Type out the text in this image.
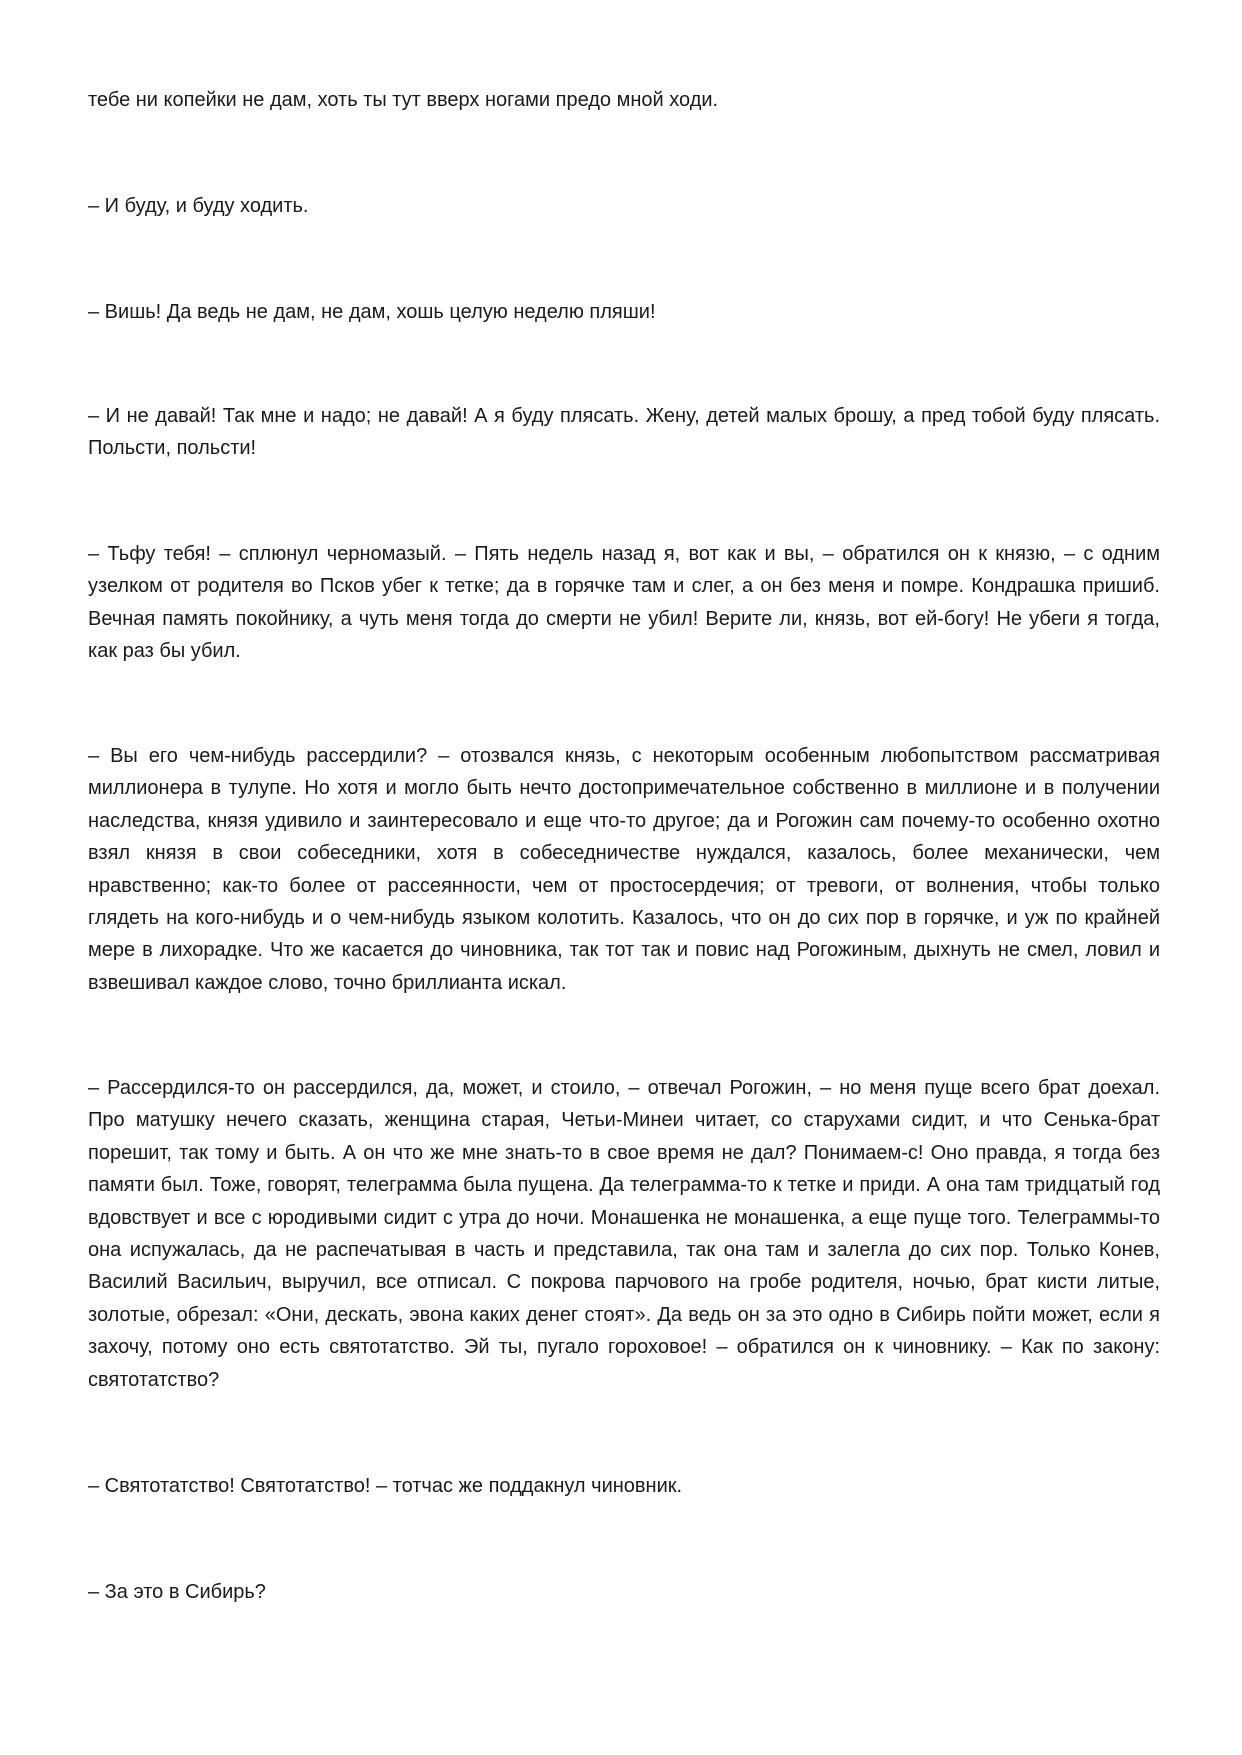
тебе ни копейки не дам, хоть ты тут вверх ногами предо мной ходи.

– И буду, и буду ходить.

– Вишь! Да ведь не дам, не дам, хошь целую неделю пляши!

– И не давай! Так мне и надо; не давай! А я буду плясать. Жену, детей малых брошу, а пред тобой буду плясать. Польсти, польсти!

– Тьфу тебя! – сплюнул черномазый. – Пять недель назад я, вот как и вы, – обратился он к князю, – с одним узелком от родителя во Псков убег к тетке; да в горячке там и слег, а он без меня и помре. Кондрашка пришиб. Вечная память покойнику, а чуть меня тогда до смерти не убил! Верите ли, князь, вот ей-богу! Не убеги я тогда, как раз бы убил.

– Вы его чем-нибудь рассердили? – отозвался князь, с некоторым особенным любопытством рассматривая миллионера в тулупе. Но хотя и могло быть нечто достопримечательное собственно в миллионе и в получении наследства, князя удивило и заинтересовало и еще что-то другое; да и Рогожин сам почему-то особенно охотно взял князя в свои собеседники, хотя в собеседничестве нуждался, казалось, более механически, чем нравственно; как-то более от рассеянности, чем от простосердечия; от тревоги, от волнения, чтобы только глядеть на кого-нибудь и о чем-нибудь языком колотить. Казалось, что он до сих пор в горячке, и уж по крайней мере в лихорадке. Что же касается до чиновника, так тот так и повис над Рогожиным, дыхнуть не смел, ловил и взвешивал каждое слово, точно бриллианта искал.

– Рассердился-то он рассердился, да, может, и стоило, – отвечал Рогожин, – но меня пуще всего брат доехал. Про матушку нечего сказать, женщина старая, Четьи-Минеи читает, со старухами сидит, и что Сенька-брат порешит, так тому и быть. А он что же мне знать-то в свое время не дал? Понимаем-с! Оно правда, я тогда без памяти был. Тоже, говорят, телеграмма была пущена. Да телеграмма-то к тетке и приди. А она там тридцатый год вдовствует и все с юродивыми сидит с утра до ночи. Монашенка не монашенка, а еще пуще того. Телеграммы-то она испужалась, да не распечатывая в часть и представила, так она там и залегла до сих пор. Только Конев, Василий Васильич, выручил, все отписал. С покрова парчового на гробе родителя, ночью, брат кисти литые, золотые, обрезал: «Они, дескать, эвона каких денег стоят». Да ведь он за это одно в Сибирь пойти может, если я захочу, потому оно есть святотатство. Эй ты, пугало гороховое! – обратился он к чиновнику. – Как по закону: святотатство?

– Святотатство! Святотатство! – тотчас же поддакнул чиновник.

– За это в Сибирь?
